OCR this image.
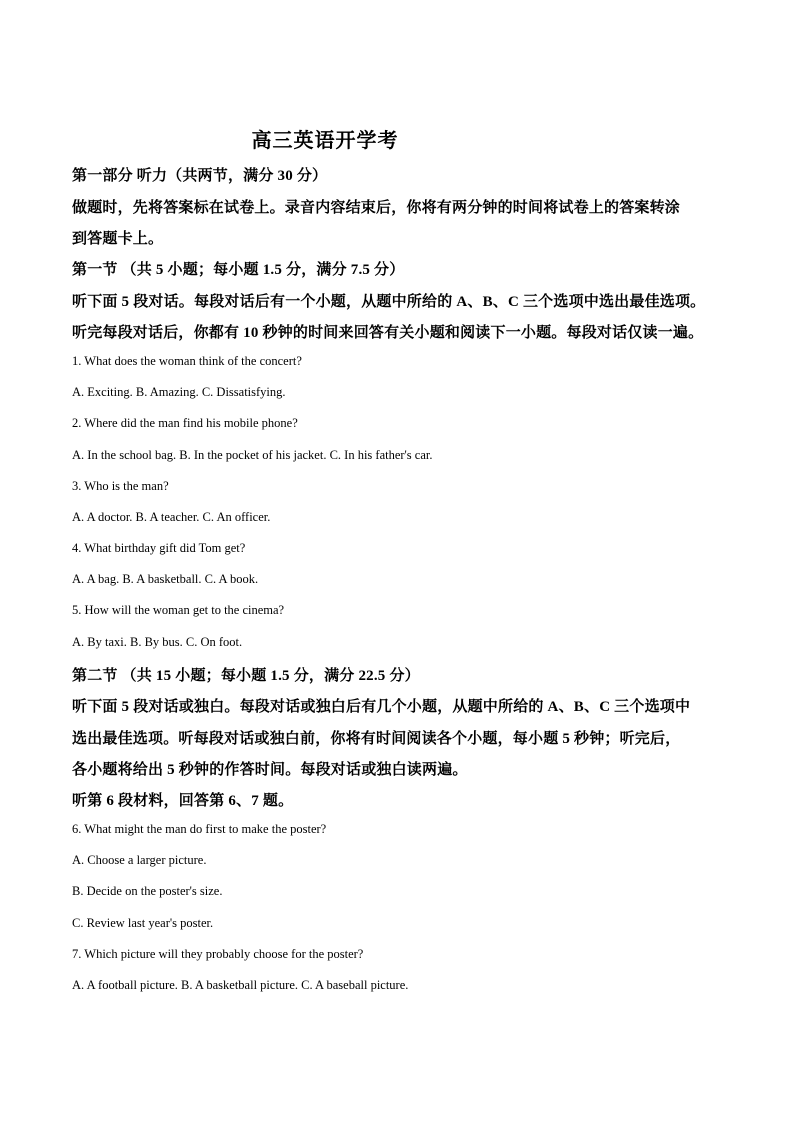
高三英语开学考
第一部分 听力（共两节，满分 30 分）
做题时，先将答案标在试卷上。录音内容结束后，你将有两分钟的时间将试卷上的答案转涂
到答题卡上。
第一节 （共 5 小题；每小题 1.5 分，满分 7.5 分）
听下面 5 段对话。每段对话后有一个小题，从题中所给的 A、B、C 三个选项中选出最佳选项。
听完每段对话后，你都有 10 秒钟的时间来回答有关小题和阅读下一小题。每段对话仅读一遍。
1. What does the woman think of the concert?
A. Exciting. B. Amazing. C. Dissatisfying.
2. Where did the man find his mobile phone?
A. In the school bag. B. In the pocket of his jacket. C. In his father's car.
3. Who is the man?
A. A doctor. B. A teacher. C. An officer.
4. What birthday gift did Tom get?
A. A bag. B. A basketball. C. A book.
5. How will the woman get to the cinema?
A. By taxi. B. By bus. C. On foot.
第二节 （共 15 小题；每小题 1.5 分，满分 22.5 分）
听下面 5 段对话或独白。每段对话或独白后有几个小题，从题中所给的 A、B、C 三个选项中
选出最佳选项。听每段对话或独白前，你将有时间阅读各个小题，每小题 5 秒钟；听完后，
各小题将给出 5 秒钟的作答时间。每段对话或独白读两遍。
听第 6 段材料，回答第 6、7 题。
6. What might the man do first to make the poster?
A. Choose a larger picture.
B. Decide on the poster's size.
C. Review last year's poster.
7. Which picture will they probably choose for the poster?
A. A football picture. B. A basketball picture. C. A baseball picture.
